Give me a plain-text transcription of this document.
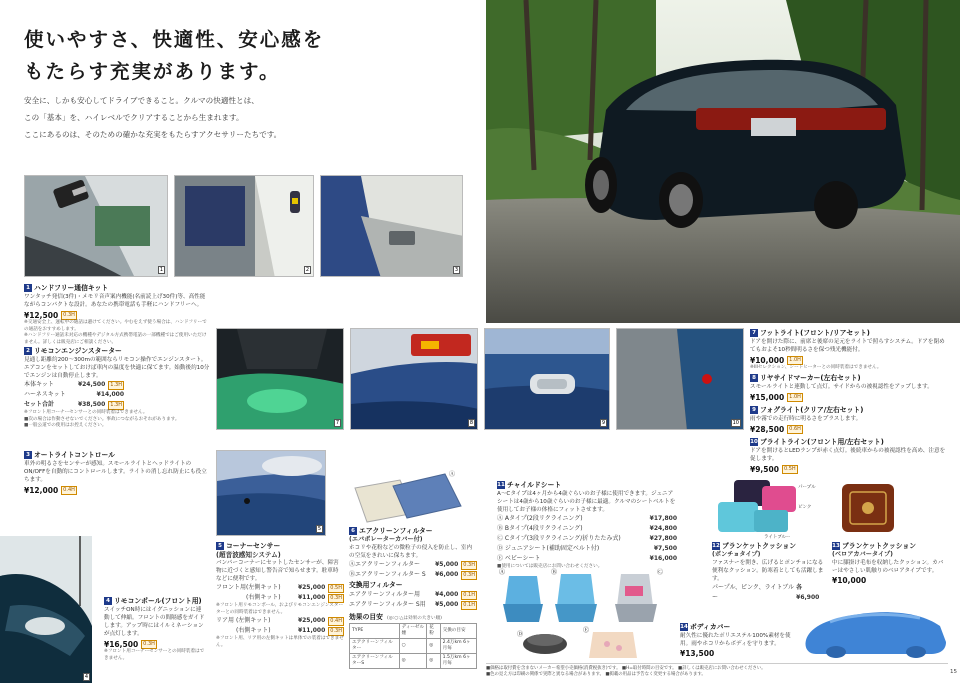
使いやすさ、快適性、安心感を
もたらす充実があります。
安全に、しかも安心してドライブできること。クルマの快適性とは、
この「基本」を、ハイレベルでクリアすることから生まれます。
ここにあるのは、そのための確かな充実をもたらすアクセサリーたちです。
1	2	3
1 ハンドフリー通信キット
ワンタッチ発信(3件)・メモリ音声案内機能(名前読上げ30件)等、高性能ながらコンパクトな設計。あなたの携帯電話も手軽にハンドフリーへ。
¥12,500	0.3H
※交通安全上、運転中の通話は避けてください。やむをえず使う場合は、ハンドフリーでの通話をおすすめします。
※ハンドフリー通話未対応の機種やデジタル方式携帯電話の一部機種ではご使用いただけません。詳しくは販売店にご相談ください。
2 リモコンエンジンスターター
見通し距離約200〜300mの範囲ならリモコン操作でエンジンスタート。エアコンをセットしておけば車内の温度を快適に保てます。始動後約10分でエンジンは自動停止します。
本体キット	¥24,500	1.3H
ハーネスキット	¥14,000
セット合計	¥38,500	1.3H
※フロント用コーナーセンサーとの同時装着はできません。
■次の場合は作動させないでください。事故につながるおそれがあります。
■一般公道での使用はお控えください。
3 オートライトコントロール
車外の明るさをセンサーが感知。スモールライトとヘッドライトのON/OFFを自動的にコントロールします。ライトの消し忘れ防止にも役立ちます。
¥12,000	0.4H
4
4 リモコンポール(フロント用)
スイッチON時にはイグニッションに連動して伸縮。フロントの間隔感をガイドします。アップ時にはイルミネーションが点灯します。
¥16,500	0.3H
※フロント用コーナーセンサーとの同時装着はできません。
7	8	9	10
5
5 コーナーセンサー
(超音波感知システム)
バンパーコーナーにセットしたセンサーが、障害物に近づくと感知し警告音で知らせます。駐車時などに便利です。
フロント用(左側キット)	¥25,000	0.5H
(右側キット)	¥11,000	0.3H
※フロント用リモコンポール、およびリモコンエンジンスターターとの同時装着はできません。
リア用 (左側キット)	¥25,000	0.4H
(右側キット)	¥11,000	0.3H
※フロント用、リア用の左側キットは単体での装着はできません。
Ⓐ
6 エアクリーンフィルター
(エバポレーターカバー付)
ホコリや花粉などの微粒子の侵入を防止し、室内の空気をきれいに保ちます。
Ⓐエアクリーンフィルター	¥5,000	0.3H
Ⓑエアクリーンフィルター S ¥6,000	0.3H
交換用フィルター
エアクリーンフィルター用	¥4,000	0.1H
エアクリーンフィルター S用 ¥5,000	0.1H
効果の目安 (◎:○:△は効果の大きい順)
TYPE	ディーゼル煙	花粉	交換の目安
エアクリーンフィルター	○	◎	2.4万km 6ヶ月毎
エアクリーンフィルターS	◎	◎	1.5万km 6ヶ月毎
11 チャイルドシート
A〜Cタイプは4ヶ月から4歳ぐらいのお子様に使用できます。ジュニアシートは4歳から10歳ぐらいのお子様に最適。クルマのシートベルトを使用してお子様の体格にフィットさせます。
Ⓐ Aタイプ(2段リクライニング)	¥17,800
Ⓑ Bタイプ(4段リクライニング)	¥24,800
Ⓒ Cタイプ(3段リクライニング/折りたたみ式)	¥27,800
Ⓓ ジュニアシート(補助固定ベルト付)	¥7,500
Ⓔ ベビーシート	¥16,000
■使用については販売店にお問い合わせください。
Ⓐ	Ⓑ	Ⓒ
Ⓓ
Ⓔ
7 フットライト(フロント/リアセット)
ドアを開けた際に、前席と後席の足元をライトで照らすシステム。ドアを閉めてもおよそ10秒間明るさを保つ残光機能付。
¥10,000	1.0H
※IIIセレクション、シートヒーターとの同時装着はできません。
8 リヤサイドマーカー(左右セット)
スモールライトと連動して点灯。サイドからの被視認性をアップします。
¥15,000	1.0H
9 フォグライト(クリア/左右セット)
雨や霧での走行時に明るさをプラスします。
¥28,500	0.6H
10 ブライトライン(フロント用/左右セット)
ドアを開けるとLEDランプが赤く点灯。後続車からの被視認性を高め、注意を促します。
¥9,500	0.5H
パープル
ピンク
ライトブルー
12 ブランケットクッション
(ポンチョタイプ)
ファスナーを開き、広げるとポンチョになる便利なクッション。防寒着としても活躍します。
パープル、ピンク、ライトブルー
各¥6,900
13 ブランケットクッション
(ベロアカバータイプ)
中に膝掛け毛布を収納したクッション。カバーはやさしい肌触りのベロアタイプです。
¥10,000
14 ボディカバー
耐久性に優れたポリエステル100%素材を使用。雨やホコリからボディを守ります。
¥13,500
■価格は取付費を含まないメーカー希望小売価格(消費税抜き)です。 ■H=取付時間の目安です。 ■詳しくは販売店にお問い合わせください。
■色の見え方は印刷の関係で実際と異なる場合があります。 ■掲載の用品は予告なく変更する場合があります。	15
